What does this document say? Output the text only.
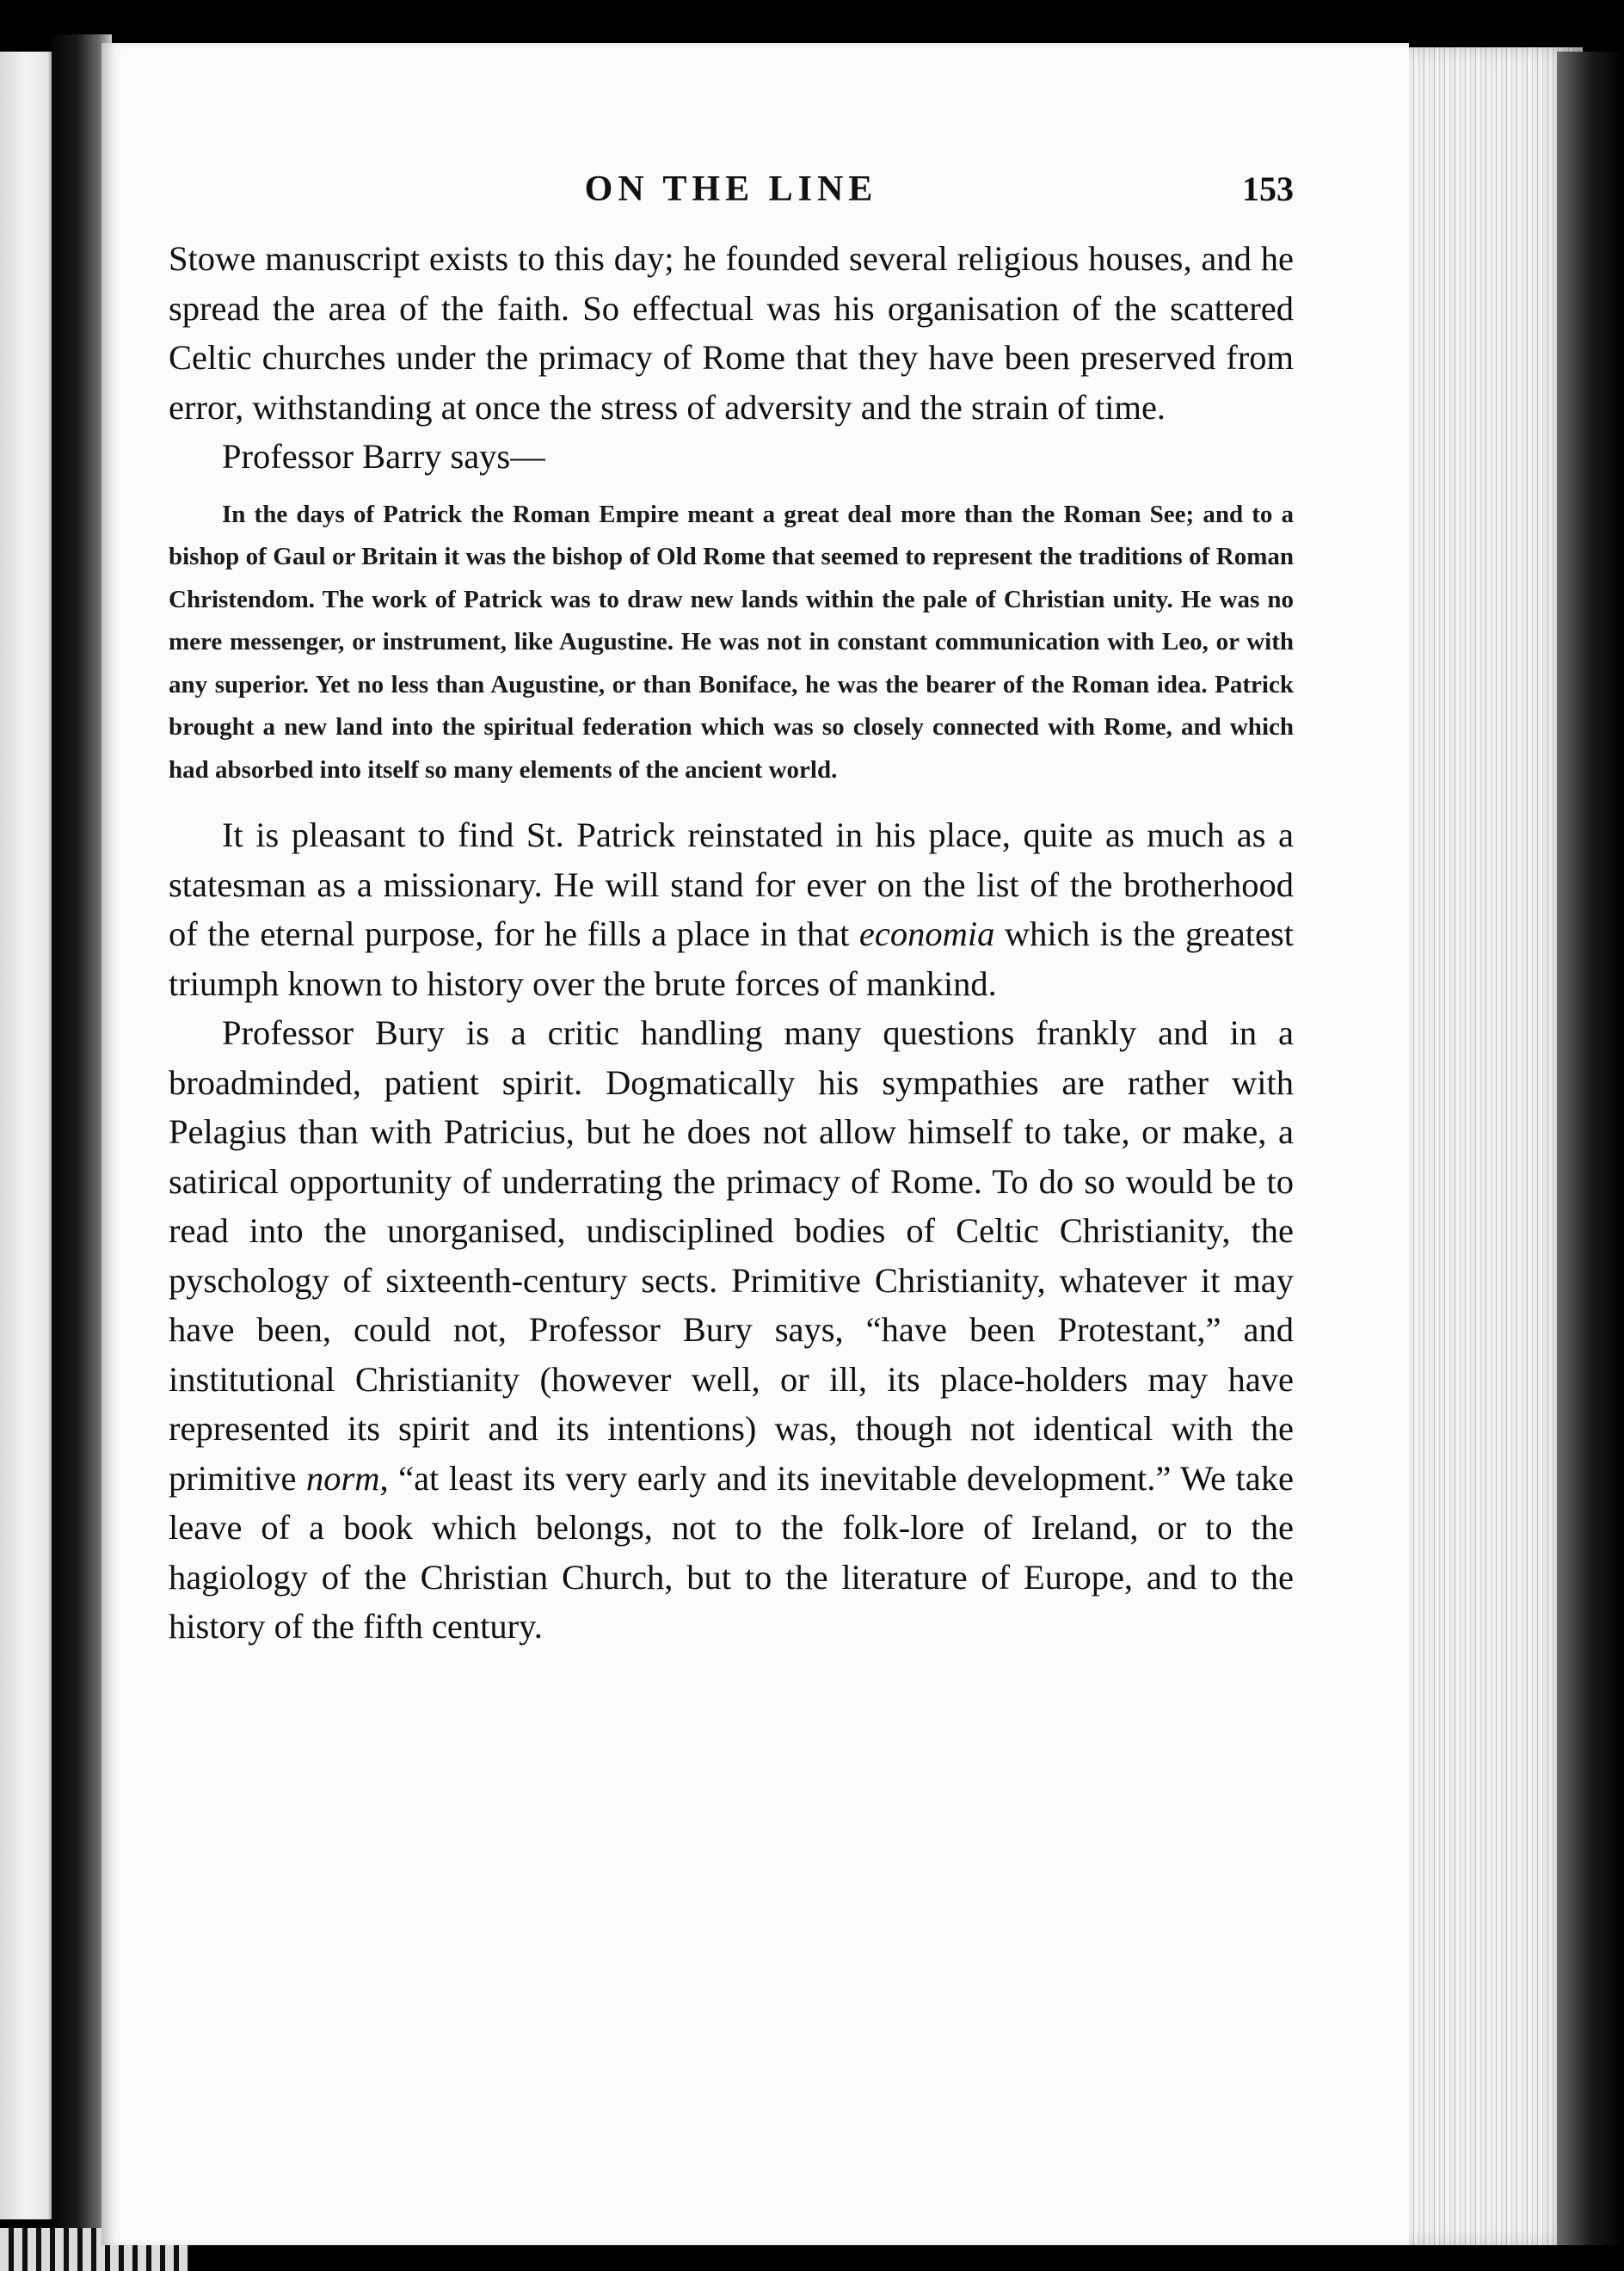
ON THE LINE	153

Stowe manuscript exists to this day; he founded several religious houses, and he spread the area of the faith. So effectual was his organisation of the scattered Celtic churches under the primacy of Rome that they have been preserved from error, withstanding at once the stress of adversity and the strain of time.

Professor Barry says—

In the days of Patrick the Roman Empire meant a great deal more than the Roman See; and to a bishop of Gaul or Britain it was the bishop of Old Rome that seemed to represent the traditions of Roman Christendom. The work of Patrick was to draw new lands within the pale of Christian unity. He was no mere messenger, or instrument, like Augustine. He was not in constant communication with Leo, or with any superior. Yet no less than Augustine, or than Boniface, he was the bearer of the Roman idea. Patrick brought a new land into the spiritual federation which was so closely connected with Rome, and which had absorbed into itself so many elements of the ancient world.

It is pleasant to find St. Patrick reinstated in his place, quite as much as a statesman as a missionary. He will stand for ever on the list of the brotherhood of the eternal purpose, for he fills a place in that economia which is the greatest triumph known to history over the brute forces of mankind.

Professor Bury is a critic handling many questions frankly and in a broadminded, patient spirit. Dogmatically his sympathies are rather with Pelagius than with Patricius, but he does not allow himself to take, or make, a satirical opportunity of underrating the primacy of Rome. To do so would be to read into the unorganised, undisciplined bodies of Celtic Christianity, the pyschology of sixteenth-century sects. Primitive Christianity, whatever it may have been, could not, Professor Bury says, “have been Protestant,” and institutional Christianity (however well, or ill, its place-holders may have represented its spirit and its intentions) was, though not identical with the primitive norm, “at least its very early and its inevitable development.” We take leave of a book which belongs, not to the folk-lore of Ireland, or to the hagiology of the Christian Church, but to the literature of Europe, and to the history of the fifth century.
